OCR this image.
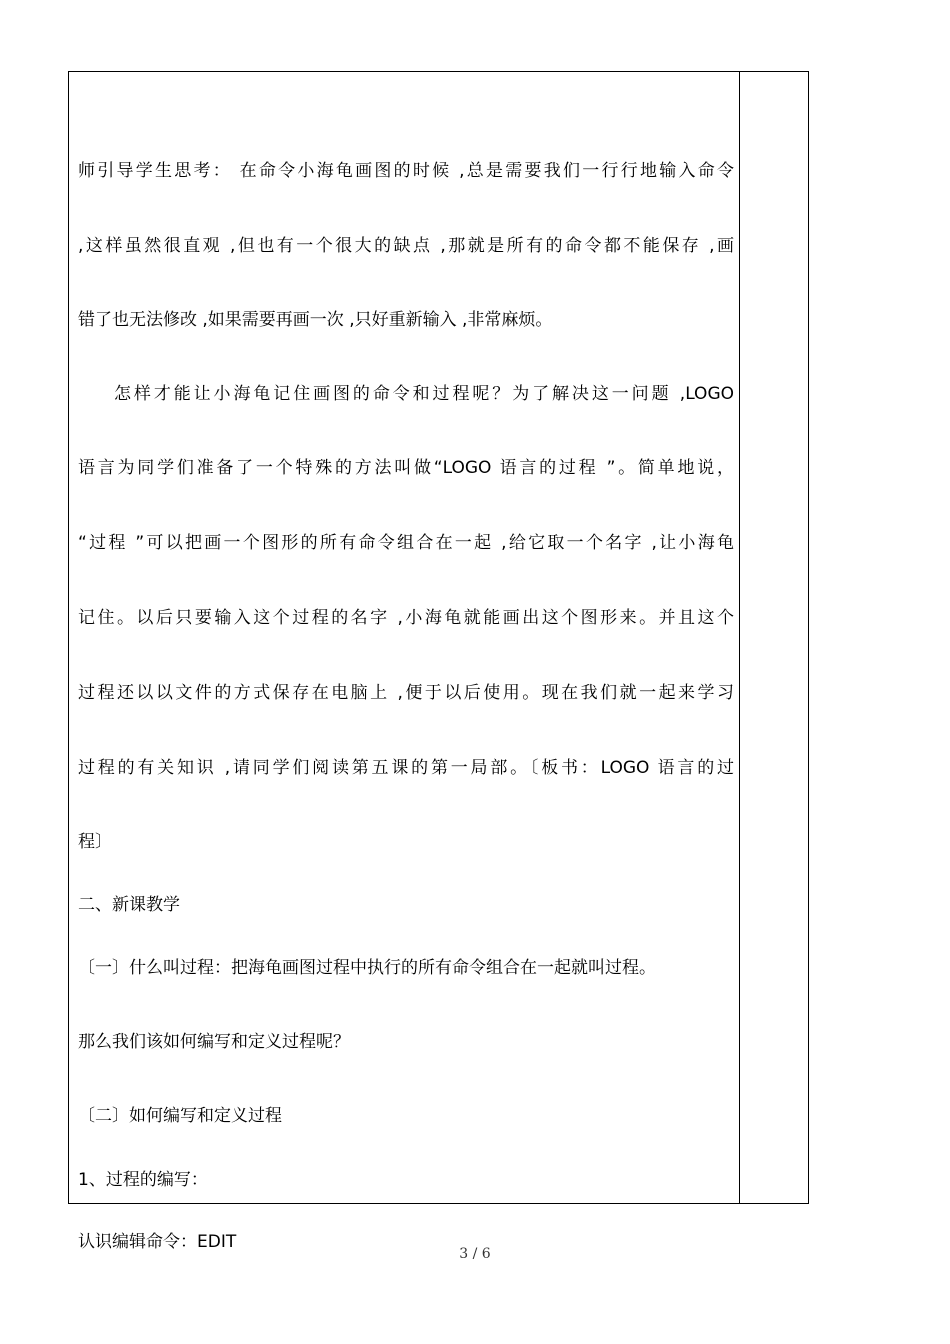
师引导学生思考： 在命令小海龟画图的时候 ,总是需要我们一行行地输入命令
,这样虽然很直观 ,但也有一个很大的缺点 ,那就是所有的命令都不能保存 ,画
错了也无法修改 ,如果需要再画一次 ,只好重新输入 ,非常麻烦。
怎样才能让小海龟记住画图的命令和过程呢？为了解决这一问题 ,LOGO
语言为同学们准备了一个特殊的方法叫做“LOGO 语言的过程 ”。简单地说，
“过程 ”可以把画一个图形的所有命令组合在一起 ,给它取一个名字 ,让小海龟
记住。以后只要输入这个过程的名字 ,小海龟就能画出这个图形来。并且这个
过程还以以文件的方式保存在电脑上 ,便于以后使用。现在我们就一起来学习
过程的有关知识 ,请同学们阅读第五课的第一局部。〔板书：LOGO 语言的过
程〕
二、新课教学
〔一〕什么叫过程：把海龟画图过程中执行的所有命令组合在一起就叫过程。
那么我们该如何编写和定义过程呢？
〔二〕如何编写和定义过程
1、过程的编写：
认识编辑命令：EDIT
3 / 6
